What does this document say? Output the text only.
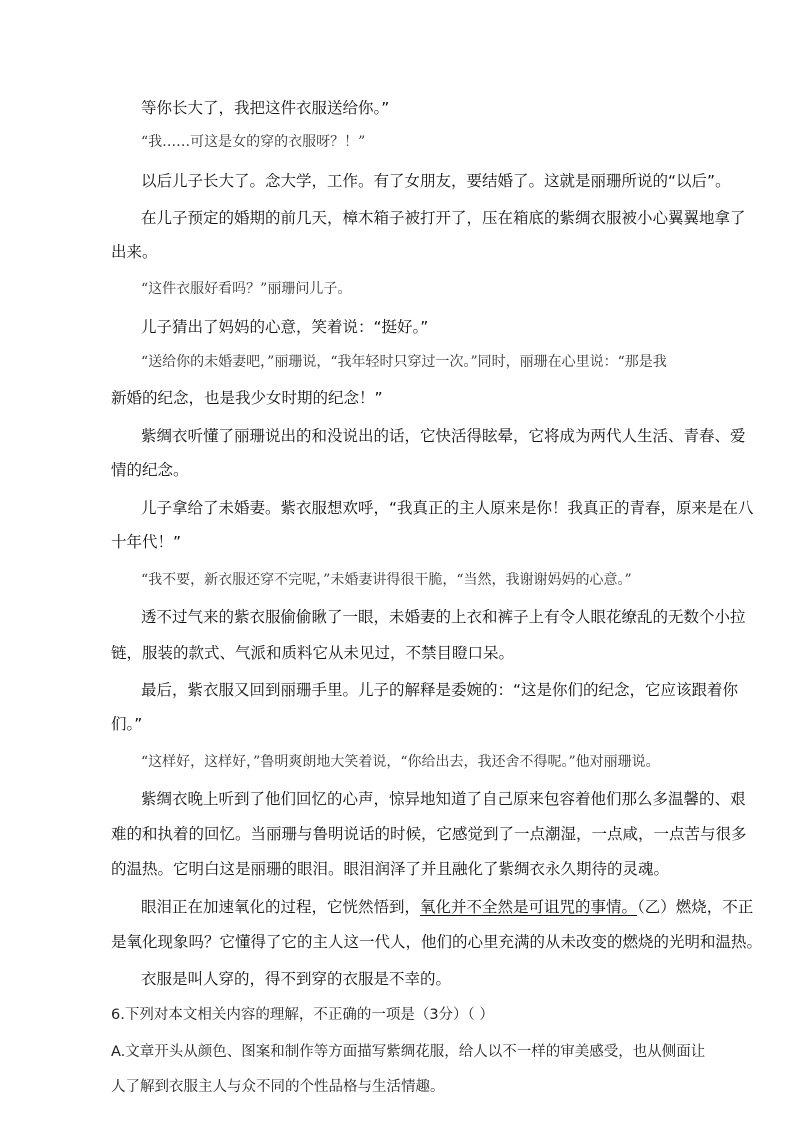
等你长大了，我把这件衣服送给你。”
“我……可这是女的穿的衣服呀？！”
以后儿子长大了。念大学，工作。有了女朋友，要结婚了。这就是丽珊所说的“以后”。
在儿子预定的婚期的前几天，樟木箱子被打开了，压在箱底的紫绸衣服被小心翼翼地拿了
出来。
“这件衣服好看吗？”丽珊问儿子。
儿子猜出了妈妈的心意，笑着说：“挺好。”
“送给你的未婚妻吧，”丽珊说，“我年轻时只穿过一次。”同时，丽珊在心里说：“那是我
新婚的纪念，也是我少女时期的纪念！”
紫绸衣听懂了丽珊说出的和没说出的话，它快活得眩晕，它将成为两代人生活、青春、爱
情的纪念。
儿子拿给了未婚妻。紫衣服想欢呼，“我真正的主人原来是你！我真正的青春，原来是在八
十年代！”
“我不要，新衣服还穿不完呢，”未婚妻讲得很干脆，“当然，我谢谢妈妈的心意。”
透不过气来的紫衣服偷偷瞅了一眼，未婚妻的上衣和裤子上有令人眼花缭乱的无数个小拉
链，服装的款式、气派和质料它从未见过，不禁目瞪口呆。
最后，紫衣服又回到丽珊手里。儿子的解释是委婉的：“这是你们的纪念，它应该跟着你
们。”
“这样好，这样好，”鲁明爽朗地大笑着说，“你给出去，我还舍不得呢。”他对丽珊说。
紫绸衣晚上听到了他们回忆的心声，惊异地知道了自己原来包容着他们那么多温馨的、艰
难的和执着的回忆。当丽珊与鲁明说话的时候，它感觉到了一点潮湿，一点咸，一点苦与很多
的温热。它明白这是丽珊的眼泪。眼泪润泽了并且融化了紫绸衣永久期待的灵魂。
眼泪正在加速氧化的过程，它恍然悟到，氧化并不全然是可诅咒的事情。（乙）燃烧，不正
是氧化现象吗？它懂得了它的主人这一代人，他们的心里充满的从未改变的燃烧的光明和温热。
衣服是叫人穿的，得不到穿的衣服是不幸的。
6.下列对本文相关内容的理解，不正确的一项是（3分）（ ）
A.文章开头从颜色、图案和制作等方面描写紫绸花服，给人以不一样的审美感受，也从侧面让
人了解到衣服主人与众不同的个性品格与生活情趣。
